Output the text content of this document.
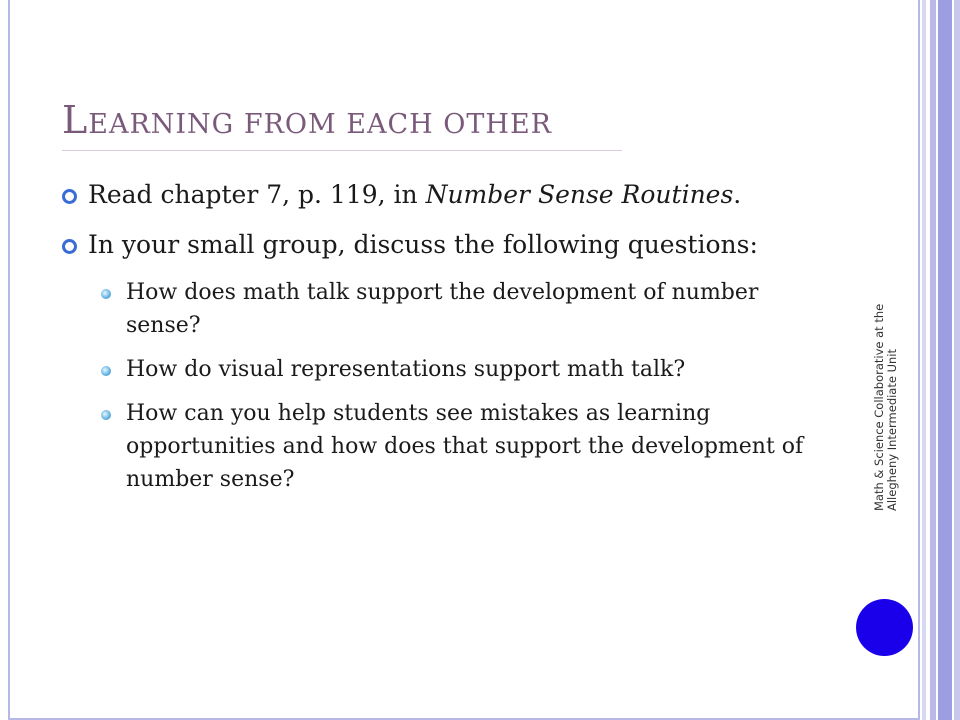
LEARNING FROM EACH OTHER
Read chapter 7, p. 119, in Number Sense Routines.
In your small group, discuss the following questions:
How does math talk support the development of number sense?
How do visual representations support math talk?
How can you help students see mistakes as learning opportunities and how does that support the development of number sense?
Math & Science Collaborative at the
Allegheny Intermediate Unit
